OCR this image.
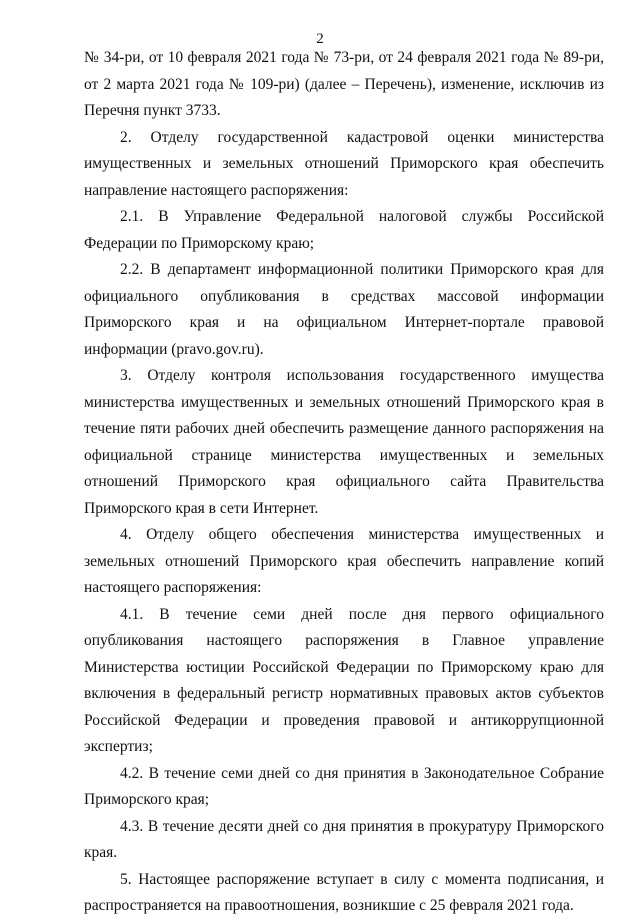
2

№ 34-ри, от 10 февраля 2021 года № 73-ри, от 24 февраля 2021 года № 89-ри, от 2 марта 2021 года № 109-ри) (далее – Перечень), изменение, исключив из Перечня пункт 3733.

2. Отделу государственной кадастровой оценки министерства имущественных и земельных отношений Приморского края обеспечить направление настоящего распоряжения:

2.1. В Управление Федеральной налоговой службы Российской Федерации по Приморскому краю;

2.2. В департамент информационной политики Приморского края для официального опубликования в средствах массовой информации Приморского края и на официальном Интернет-портале правовой информации (pravo.gov.ru).

3. Отделу контроля использования государственного имущества министерства имущественных и земельных отношений Приморского края в течение пяти рабочих дней обеспечить размещение данного распоряжения на официальной странице министерства имущественных и земельных отношений Приморского края официального сайта Правительства Приморского края в сети Интернет.

4. Отделу общего обеспечения министерства имущественных и земельных отношений Приморского края обеспечить направление копий настоящего распоряжения:

4.1. В течение семи дней после дня первого официального опубликования настоящего распоряжения в Главное управление Министерства юстиции Российской Федерации по Приморскому краю для включения в федеральный регистр нормативных правовых актов субъектов Российской Федерации и проведения правовой и антикоррупционной экспертиз;

4.2. В течение семи дней со дня принятия в Законодательное Собрание Приморского края;

4.3. В течение десяти дней со дня принятия в прокуратуру Приморского края.

5. Настоящее распоряжение вступает в силу с момента подписания, и распространяется на правоотношения, возникшие с 25 февраля 2021 года.
